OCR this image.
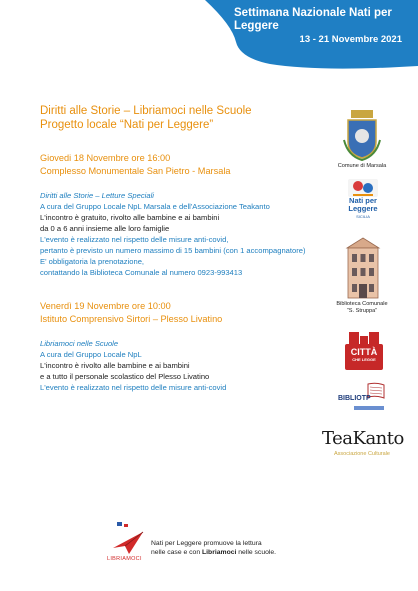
Settimana Nazionale Nati per Leggere
13 - 21 Novembre 2021
Diritti alle Storie – Libriamoci nelle Scuole
Progetto locale “Nati per Leggere”
Giovedi 18 Novembre ore 16:00
Complesso Monumentale San Pietro - Marsala
Diritti alle Storie – Letture Speciali
A cura del Gruppo Locale NpL Marsala e dell'Associazione Teakanto
L'incontro è gratuito, rivolto alle bambine e ai bambini
da 0 a 6 anni insieme alle loro famiglie
L'evento è realizzato nel rispetto delle misure anti-covid,
pertanto è previsto un numero massimo di 15 bambini (con 1 accompagnatore)
E' obbligatoria la prenotazione,
contattando la Biblioteca Comunale al numero 0923-993413
Venerdì 19 Novembre ore 10:00
Istituto Comprensivo Sirtori – Plesso Livatino
Libriamoci nelle Scuole
A cura del Gruppo Locale NpL
L'incontro è rivolto alle bambine e ai bambini
e a tutto il personale scolastico del Plesso Livatino
L'evento è realizzato nel rispetto delle misure anti-covid
Comune di Marsala
Nati per
Leggere
SICILIA
Biblioteca Comunale
“S. Struppa”
CITTÀ
CHE LEGGE
BIBLIOTP
TeaKanto
Associazione Culturale
LIBRIAMOCI
Nati per Leggere promuove la lettura
nelle case e con Libriamoci nelle scuole.
